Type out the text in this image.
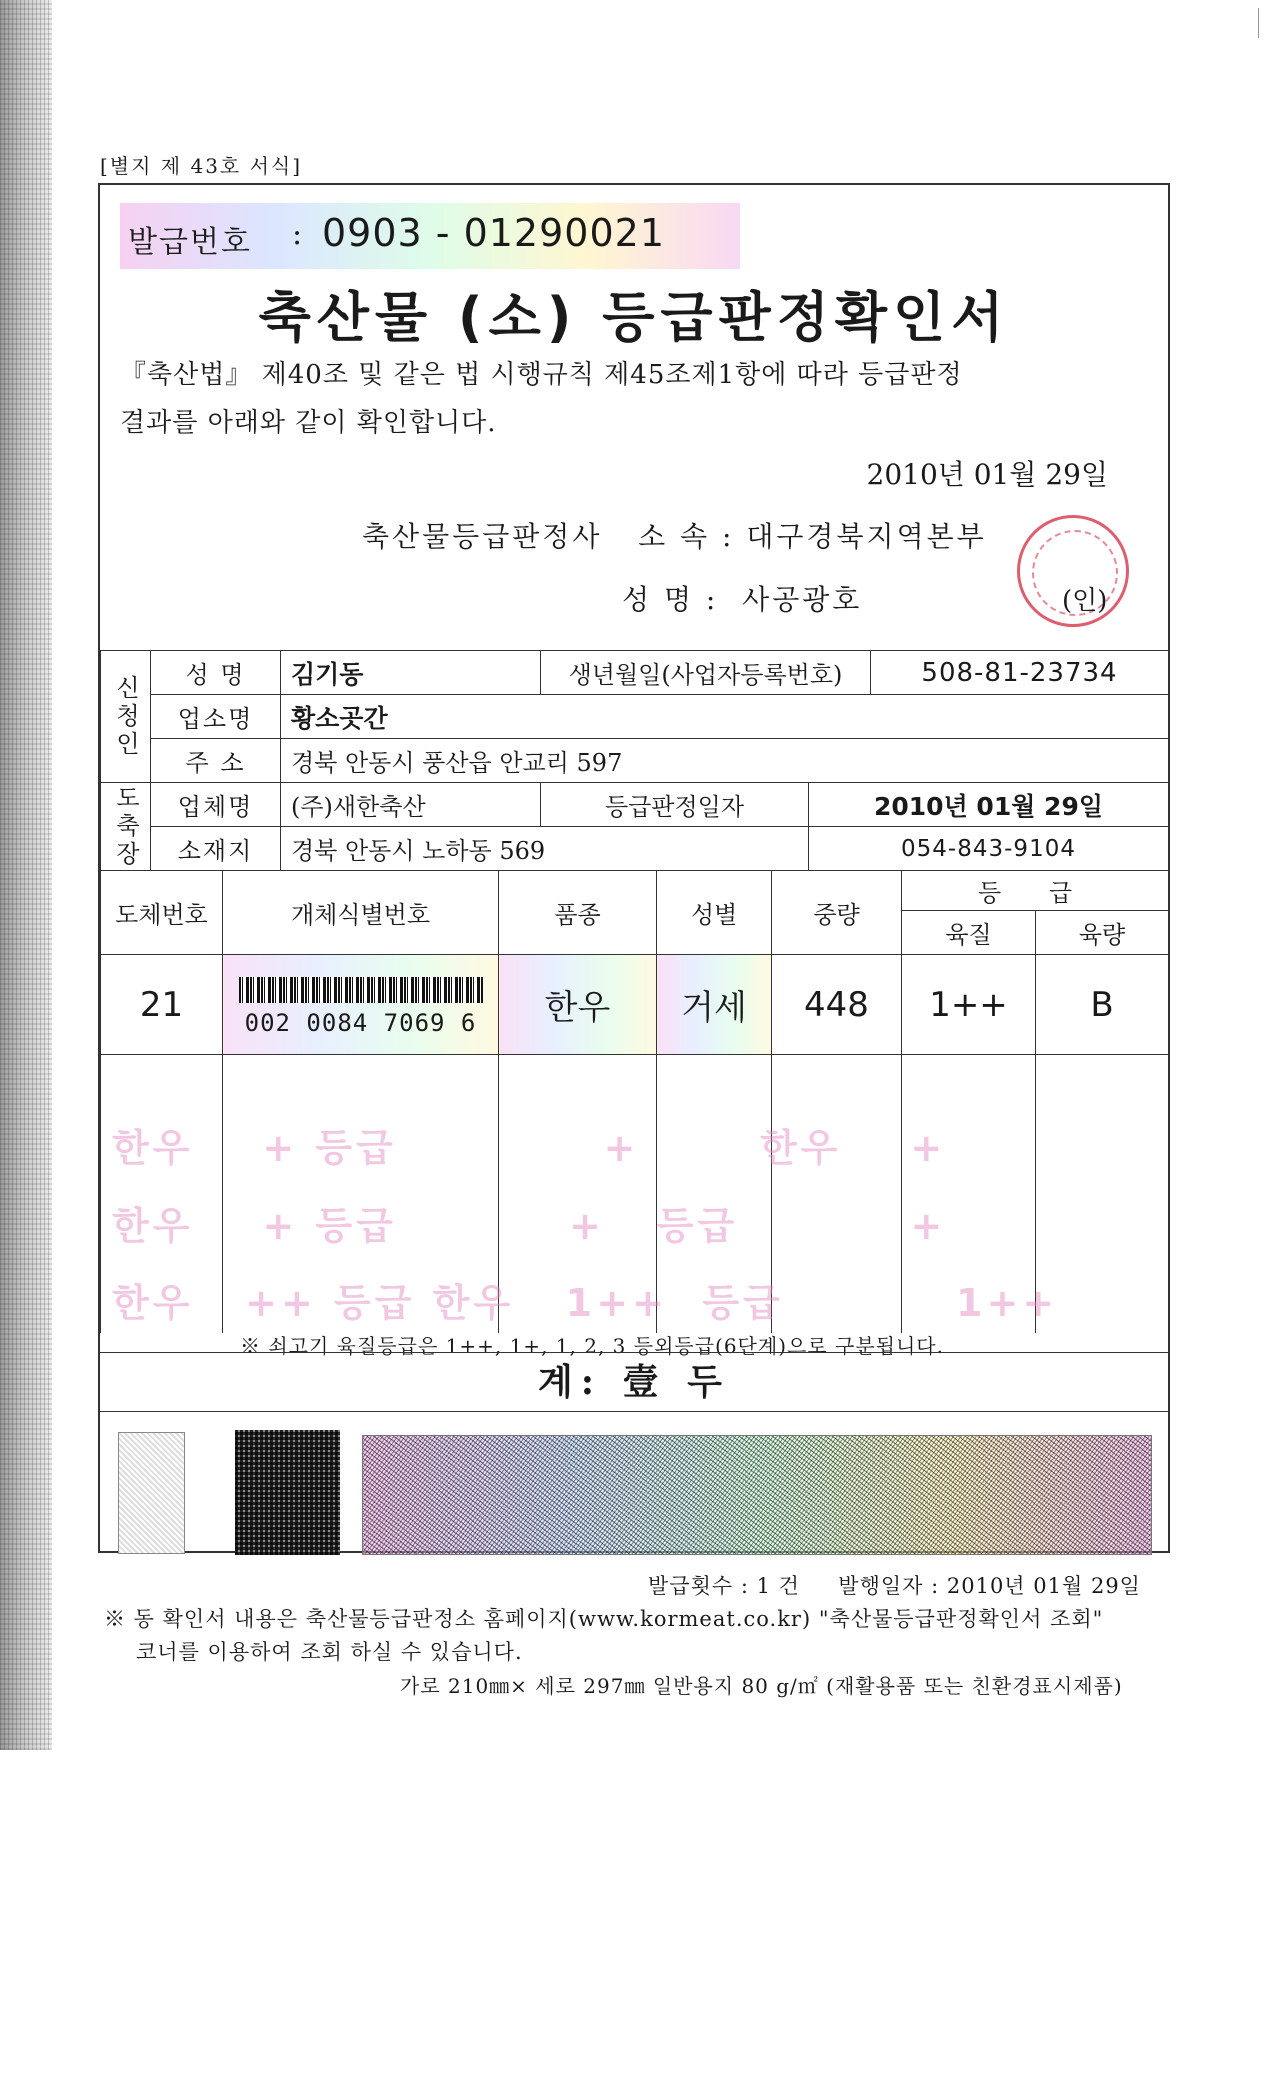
[별지 제 43호 서식]
발급번호 : 0903 - 01290021
축산물 (소) 등급판정확인서
『축산법』 제40조 및 같은 법 시행규칙 제45조제1항에 따라 등급판정
결과를 아래와 같이 확인합니다.
2010년 01월 29일
축산물등급판정사 소 속 : 대구경북지역본부
성 명 :  사공광호	(인)
신청인	성 명	김기동	생년월일(사업자등록번호)	508-81-23734
	업소명	황소곳간		
	주 소	경북 안동시 풍산읍 안교리 597		
도축장	업체명	(주)새한축산	등급판정일자	2010년 01월 29일
	소재지	경북 안동시 노하동 569		054-843-9104
도체번호	개체식별번호	품종	성별	중량	등 급	
					육질	육량
21	002 0084 7069 6	한우	거세	448	1++	B

한우    + 등급            +       한우    +
한우    + 등급          +   등급          +
한우   ++ 등급 한우   1++  등급          1++
※ 쇠고기 육질등급은 1++, 1+, 1, 2, 3 등외등급(6단계)으로 구분됩니다.
계: 壹 두
발급횟수 : 1 건 발행일자 : 2010년 01월 29일
※ 동 확인서 내용은 축산물등급판정소 홈페이지(www.kormeat.co.kr) "축산물등급판정확인서 조회"
코너를 이용하여 조회 하실 수 있습니다.
가로 210㎜× 세로 297㎜ 일반용지 80 g/㎡ (재활용품 또는 친환경표시제품)
